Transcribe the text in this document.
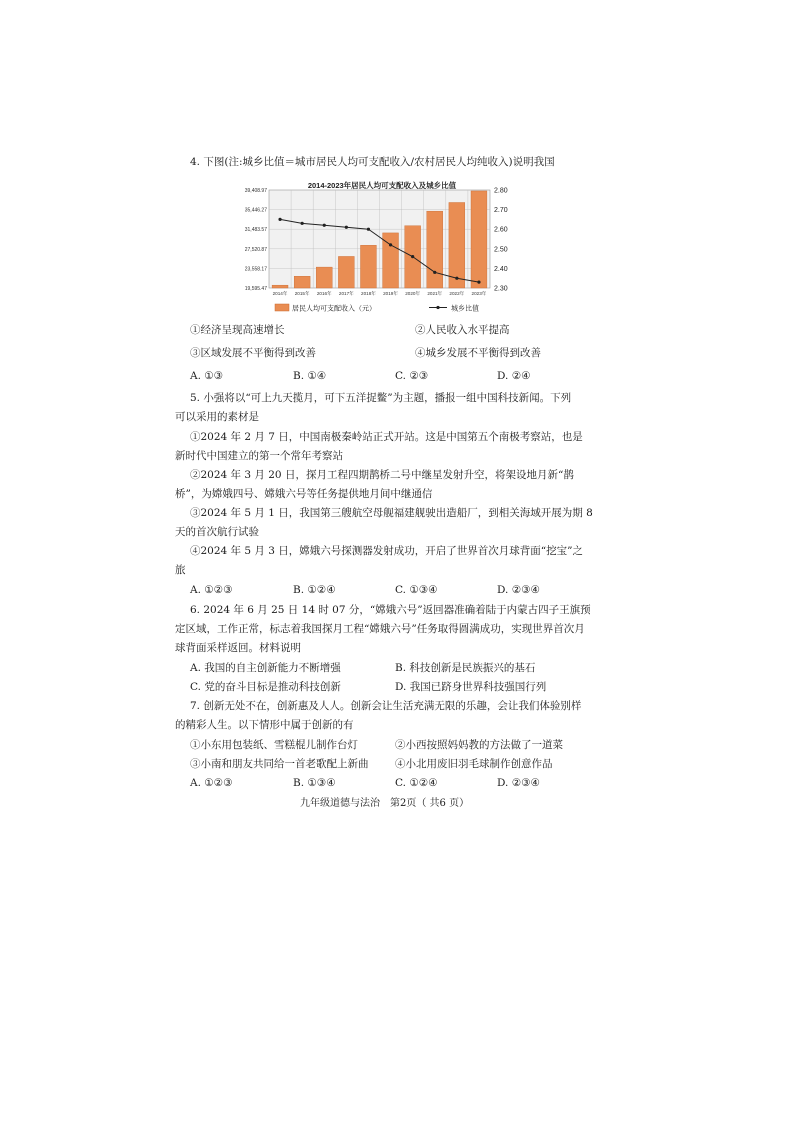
4. 下图(注:城乡比值＝城市居民人均可支配收入/农村居民人均纯收入)说明我国
39,408.97
35,446.27
31,483.57
27,520.87
23,558.17
19,595.47
2.80
2.70
2.60
2.50
2.40
2.30
2014年 2015年 2016年 2017年 2018年 2019年 2020年 2021年 2022年 2023年
2014-2023年居民人均可支配收入及城乡比值
居民人均可支配收入（元）	城乡比值
①经济呈现高速增长	②人民收入水平提高
③区域发展不平衡得到改善	④城乡发展不平衡得到改善
A. ①③	B. ①④	C. ②③	D. ②④
5. 小强将以“可上九天揽月，可下五洋捉鳖”为主题，播报一组中国科技新闻。下列
可以采用的素材是
①2024 年 2 月 7 日，中国南极秦岭站正式开站。这是中国第五个南极考察站，也是
新时代中国建立的第一个常年考察站
②2024 年 3 月 20 日，探月工程四期鹊桥二号中继星发射升空，将架设地月新“鹊
桥”，为嫦娥四号、嫦娥六号等任务提供地月间中继通信
③2024 年 5 月 1 日，我国第三艘航空母舰福建舰驶出造船厂，到相关海域开展为期 8
天的首次航行试验
④2024 年 5 月 3 日，嫦娥六号探测器发射成功，开启了世界首次月球背面“挖宝”之
旅
A. ①②③	B. ①②④	C. ①③④	D. ②③④
6. 2024 年 6 月 25 日 14 时 07 分，“嫦娥六号”返回器准确着陆于内蒙古四子王旗预
定区域，工作正常，标志着我国探月工程“嫦娥六号”任务取得圆满成功，实现世界首次月
球背面采样返回。材料说明
A. 我国的自主创新能力不断增强	B. 科技创新是民族振兴的基石
C. 党的奋斗目标是推动科技创新	D. 我国已跻身世界科技强国行列
7. 创新无处不在，创新惠及人人。创新会让生活充满无限的乐趣，会让我们体验别样
的精彩人生。以下情形中属于创新的有
①小东用包装纸、雪糕棍儿制作台灯	②小西按照妈妈教的方法做了一道菜
③小南和朋友共同给一首老歌配上新曲	④小北用废旧羽毛球制作创意作品
A. ①②③	B. ①③④	C. ①②④	D. ②③④
九年级道德与法治　第2页（ 共6 页）
